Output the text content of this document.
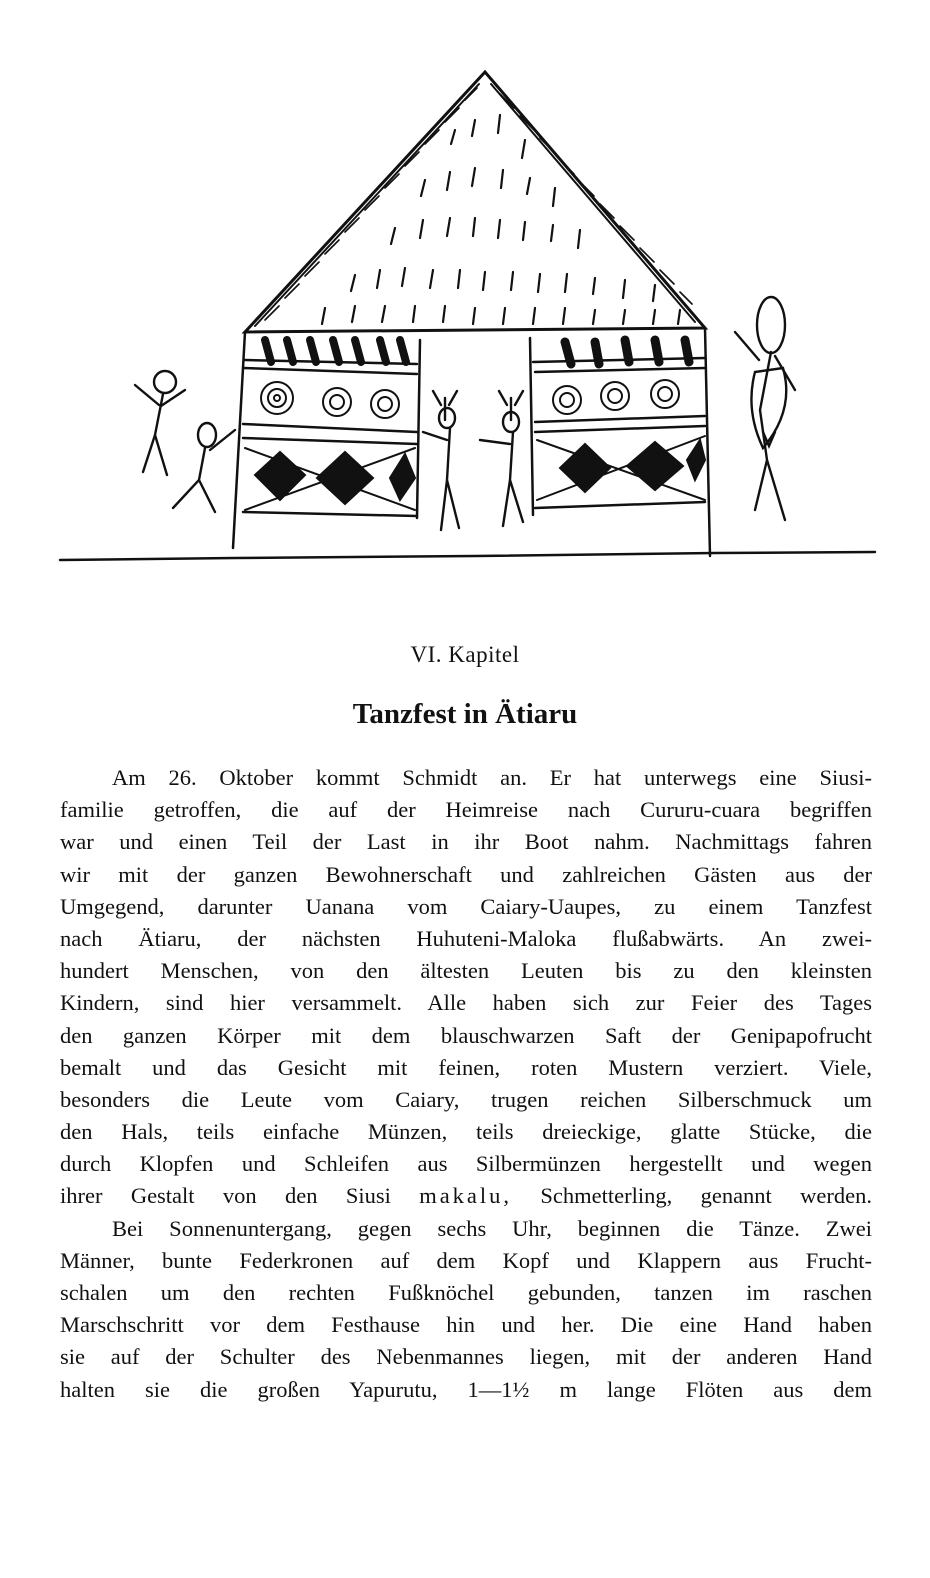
VI. Kapitel
Tanzfest in Ätiaru
Am 26. Oktober kommt Schmidt an. Er hat unterwegs eine Siusi-
familie getroffen, die auf der Heimreise nach Cururu-cuara begriffen
war und einen Teil der Last in ihr Boot nahm. Nachmittags fahren
wir mit der ganzen Bewohnerschaft und zahlreichen Gästen aus der
Umgegend, darunter Uanana vom Caiary-Uaupes, zu einem Tanzfest
nach Ätiaru, der nächsten Huhuteni-Maloka flußabwärts. An zwei-
hundert Menschen, von den ältesten Leuten bis zu den kleinsten
Kindern, sind hier versammelt. Alle haben sich zur Feier des Tages
den ganzen Körper mit dem blauschwarzen Saft der Genipapofrucht
bemalt und das Gesicht mit feinen, roten Mustern verziert. Viele,
besonders die Leute vom Caiary, trugen reichen Silberschmuck um
den Hals, teils einfache Münzen, teils dreieckige, glatte Stücke, die
durch Klopfen und Schleifen aus Silbermünzen hergestellt und wegen
ihrer Gestalt von den Siusi makalu, Schmetterling, genannt werden.
Bei Sonnenuntergang, gegen sechs Uhr, beginnen die Tänze. Zwei
Männer, bunte Federkronen auf dem Kopf und Klappern aus Frucht-
schalen um den rechten Fußknöchel gebunden, tanzen im raschen
Marschschritt vor dem Festhause hin und her. Die eine Hand haben
sie auf der Schulter des Nebenmannes liegen, mit der anderen Hand
halten sie die großen Yapurutu, 1—1½ m lange Flöten aus dem
